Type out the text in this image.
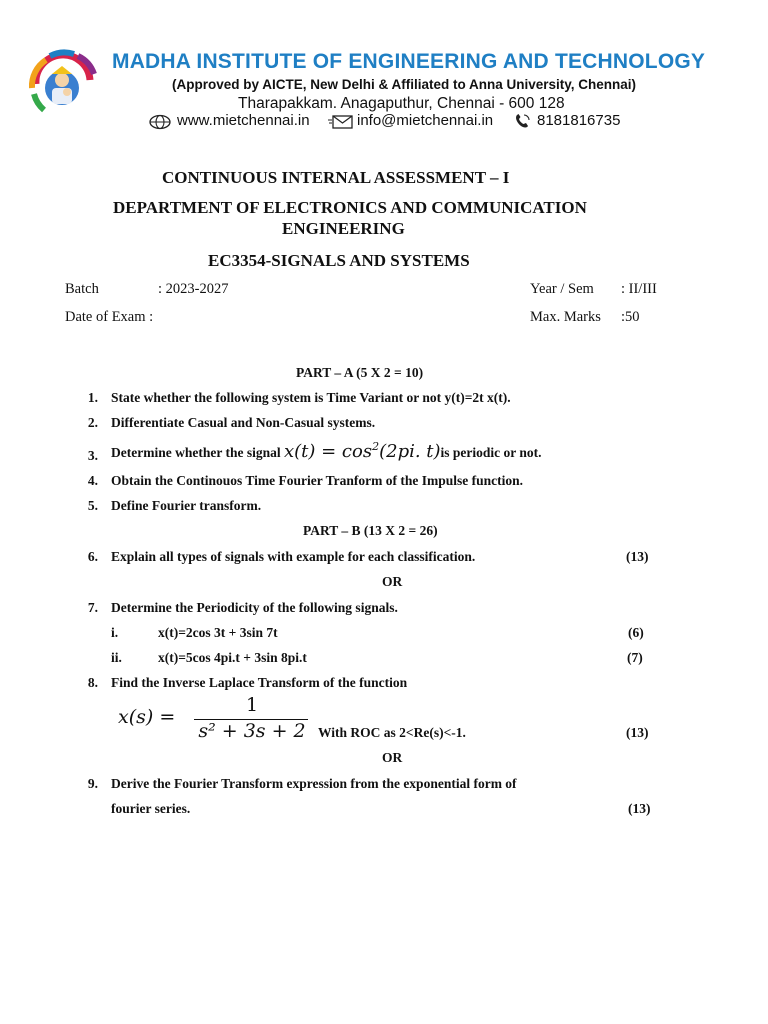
MADHA INSTITUTE OF ENGINEERING AND TECHNOLOGY
(Approved by AICTE, New Delhi & Affiliated to Anna University, Chennai)
Tharapakkam. Anagaputhur, Chennai - 600 128
www.mietchennai.in	info@mietchennai.in	8181816735
CONTINUOUS INTERNAL ASSESSMENT – I
DEPARTMENT OF ELECTRONICS AND COMMUNICATION
ENGINEERING
EC3354-SIGNALS AND SYSTEMS
Batch	: 2023-2027	Year / Sem : II/III
Date of Exam :	Max. Marks :50
PART – A (5 X 2 = 10)
1. State whether the following system is Time Variant or not y(t)=2t x(t).
2. Differentiate Casual and Non-Casual systems.
3. Determine whether the signal $x(t) = \cos^2(2pi$. t) is periodic or not.
4. Obtain the Continouos Time Fourier Tranform of the Impulse function.
5. Define Fourier transform.
PART – B (13 X 2 = 26)
6. Explain all types of signals with example for each classification.	(13)
OR
7. Determine the Periodicity of the following signals.
i.	x(t)=2cos 3t + 3sin 7t	(6)
ii.	x(t)=5cos 4pi.t + 3sin 8pi.t	(7)
8. Find the Inverse Laplace Transform of the function
x(s) =
1
s² + 3s + 2 With ROC as 2<Re(s)<-1.	(13)
OR
9. Derive the Fourier Transform expression from the exponential form of
fourier series.	(13)
